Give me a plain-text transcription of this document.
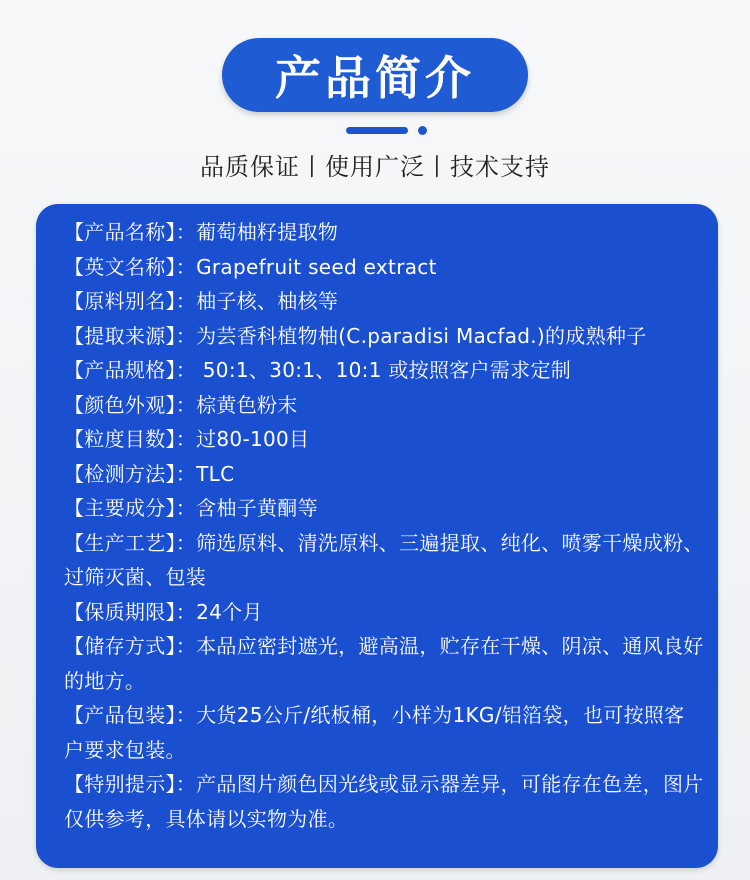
产品简介
品质保证丨使用广泛丨技术支持
【产品名称】：葡萄柚籽提取物
【英文名称】：Grapefruit seed extract
【原料别名】：柚子核、柚核等
【提取来源】：为芸香科植物柚(C.paradisi Macfad.)的成熟种子
【产品规格】： 50:1、30:1、10:1 或按照客户需求定制
【颜色外观】：棕黄色粉末
【粒度目数】：过80-100目
【检测方法】：TLC
【主要成分】：含柚子黄酮等
【生产工艺】：筛选原料、清洗原料、三遍提取、纯化、喷雾干燥成粉、过筛灭菌、包装
【保质期限】：24个月
【储存方式】：本品应密封遮光，避高温，贮存在干燥、阴凉、通风良好的地方。
【产品包装】：大货25公斤/纸板桶，小样为1KG/铝箔袋，也可按照客户要求包装。
【特别提示】：产品图片颜色因光线或显示器差异，可能存在色差，图片仅供参考，具体请以实物为准。
